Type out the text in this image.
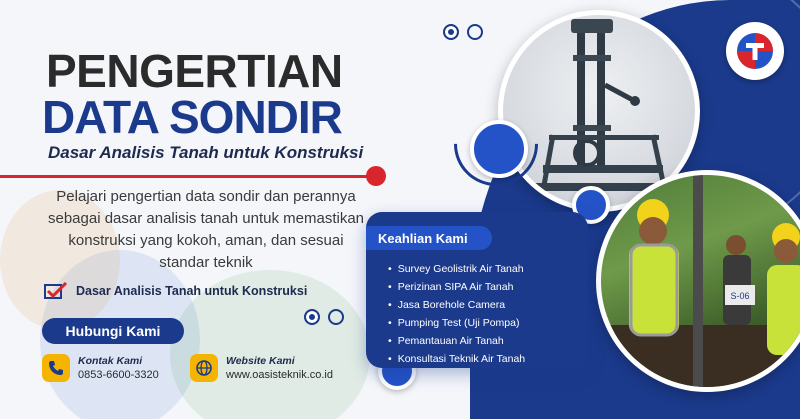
S-06
PENGERTIAN
DATA SONDIR
Dasar Analisis Tanah untuk Konstruksi

Pelajari pengertian data sondir dan perannya sebagai dasar analisis tanah untuk memastikan konstruksi yang kokoh, aman, dan sesuai standar teknik

Dasar Analisis Tanah untuk Konstruksi
Hubungi Kami
Kontak Kami
0853-6600-3320
Website Kami
www.oasisteknik.co.id
Keahlian Kami
• Survey Geolistrik Air Tanah
• Perizinan SIPA Air Tanah
• Jasa Borehole Camera
• Pumping Test (Uji Pompa)
• Pemantauan Air Tanah
• Konsultasi Teknik Air Tanah
